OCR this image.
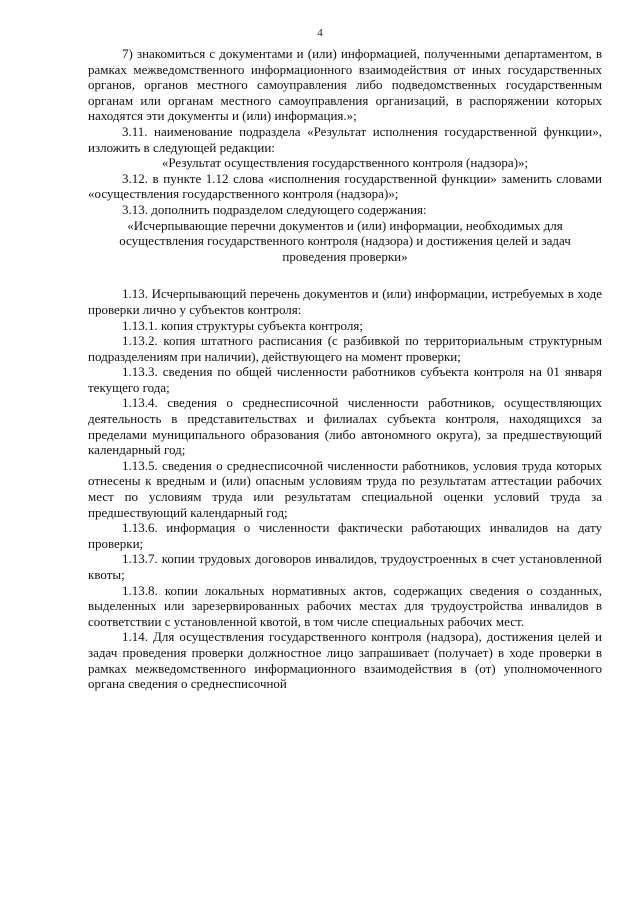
4

7) знакомиться с документами и (или) информацией, полученными департаментом, в рамках межведомственного информационного взаимодействия от иных государственных органов, органов местного самоуправления либо подведомственных государственным органам или органам местного самоуправления организаций, в распоряжении которых находятся эти документы и (или) информация.»;

3.11. наименование подраздела «Результат исполнения государственной функции», изложить в следующей редакции:

«Результат осуществления государственного контроля (надзора)»;

3.12. в пункте 1.12 слова «исполнения государственной функции» заменить словами «осуществления государственного контроля (надзора)»;

3.13. дополнить подразделом следующего содержания:

«Исчерпывающие перечни документов и (или) информации, необходимых для осуществления государственного контроля (надзора) и достижения целей и задач проведения проверки»

1.13. Исчерпывающий перечень документов и (или) информации, истребуемых в ходе проверки лично у субъектов контроля:

1.13.1. копия структуры субъекта контроля;

1.13.2. копия штатного расписания (с разбивкой по территориальным структурным подразделениям при наличии), действующего на момент проверки;

1.13.3. сведения по общей численности работников субъекта контроля на 01 января текущего года;

1.13.4. сведения о среднесписочной численности работников, осуществляющих деятельность в представительствах и филиалах субъекта контроля, находящихся за пределами муниципального образования (либо автономного округа), за предшествующий календарный год;

1.13.5. сведения о среднесписочной численности работников, условия труда которых отнесены к вредным и (или) опасным условиям труда по результатам аттестации рабочих мест по условиям труда или результатам специальной оценки условий труда за предшествующий календарный год;

1.13.6. информация о численности фактически работающих инвалидов на дату проверки;

1.13.7. копии трудовых договоров инвалидов, трудоустроенных в счет установленной квоты;

1.13.8. копии локальных нормативных актов, содержащих сведения о созданных, выделенных или зарезервированных рабочих местах для трудоустройства инвалидов в соответствии с установленной квотой, в том числе специальных рабочих мест.

1.14. Для осуществления государственного контроля (надзора), достижения целей и задач проведения проверки должностное лицо запрашивает (получает) в ходе проверки в рамках межведомственного информационного взаимодействия в (от) уполномоченного органа сведения о среднесписочной
